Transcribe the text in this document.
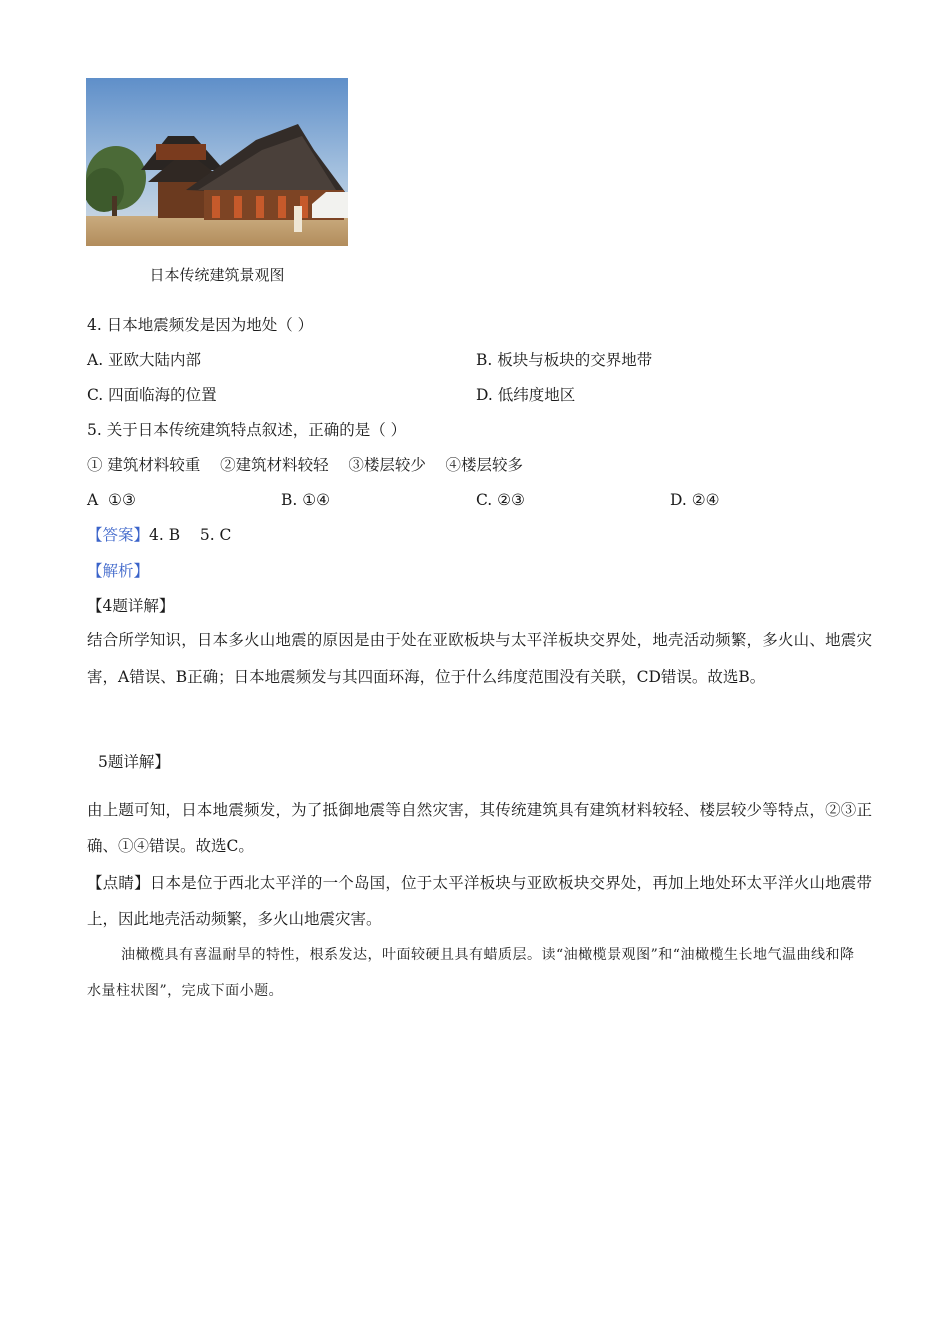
日本传统建筑景观图
4. 日本地震频发是因为地处（ ）
A. 亚欧大陆内部	B. 板块与板块的交界地带
C. 四面临海的位置	D. 低纬度地区
5. 关于日本传统建筑特点叙述，正确的是（ ）
① 建筑材料较重    ②建筑材料较轻    ③楼层较少    ④楼层较多
A  ①③	B. ①④	C. ②③	D. ②④
【答案】4. B    5. C
【解析】
【4题详解】
结合所学知识，日本多火山地震的原因是由于处在亚欧板块与太平洋板块交界处，地壳活动频繁，多火山、地震灾害，A错误、B正确；日本地震频发与其四面环海，位于什么纬度范围没有关联，CD错误。故选B。
5题详解】
由上题可知，日本地震频发，为了抵御地震等自然灾害，其传统建筑具有建筑材料较轻、楼层较少等特点，②③正确、①④错误。故选C。
【点睛】日本是位于西北太平洋的一个岛国，位于太平洋板块与亚欧板块交界处，再加上地处环太平洋火山地震带上，因此地壳活动频繁，多火山地震灾害。
油橄榄具有喜温耐旱的特性，根系发达，叶面较硬且具有蜡质层。读“油橄榄景观图”和“油橄榄生长地气温曲线和降水量柱状图”，完成下面小题。
